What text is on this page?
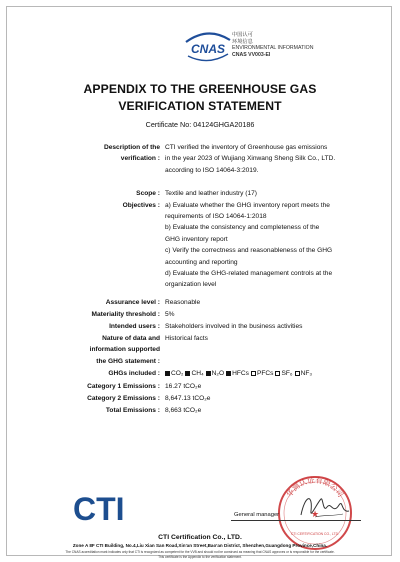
CNAS
中国认可
环境信息
ENVIRONMENTAL INFORMATION
CNAS VV003-EI
APPENDIX TO THE GREENHOUSE GAS
VERIFICATION STATEMENT
Certificate No: 04124GHGA20186
Description of the
verification :
CTI verified the inventory of Greenhouse gas emissions
in the year 2023 of Wujiang Xinwang Sheng Silk Co., LTD.
according to ISO 14064-3:2019.
Scope : Textile and leather industry (17)
Objectives : a) Evaluate whether the GHG inventory report meets the
requirements of ISO 14064-1:2018
b) Evaluate the consistency and completeness of the
GHG inventory report
c) Verify the correctness and reasonableness of the GHG
accounting and reporting
d) Evaluate the GHG-related management controls at the
organization level
Assurance level : Reasonable
Materiality threshold : 5%
Intended users : Stakeholders involved in the business activities
Nature of data and
information supported
the GHG statement :
Historical facts
GHGs included :	CO₂ CH₄ N₂O HFCs PFCs SF₆ NF₃
Category 1 Emissions : 16.27 tCO₂e
Category 2 Emissions : 8,647.13 tCO₂e
Total Emissions : 8,663 tCO₂e
CTI	华测认证有限公司
★
CTI CERTIFICATION CO., LTD.
General manager
CTI Certification Co., LTD.
Zone A 8F CTI Building, No.4,Liu Xian San Road,Xin'an Street,Bao'an District, Shenzhen,Guangdong Province,China.
The CNAS accreditation mark indicates only that CTI is recognized as competent for the VVB and should not be construed as meaning that CNAS approves or is responsible for the certificate.
This certificate is the Appendix to the verification statement.
